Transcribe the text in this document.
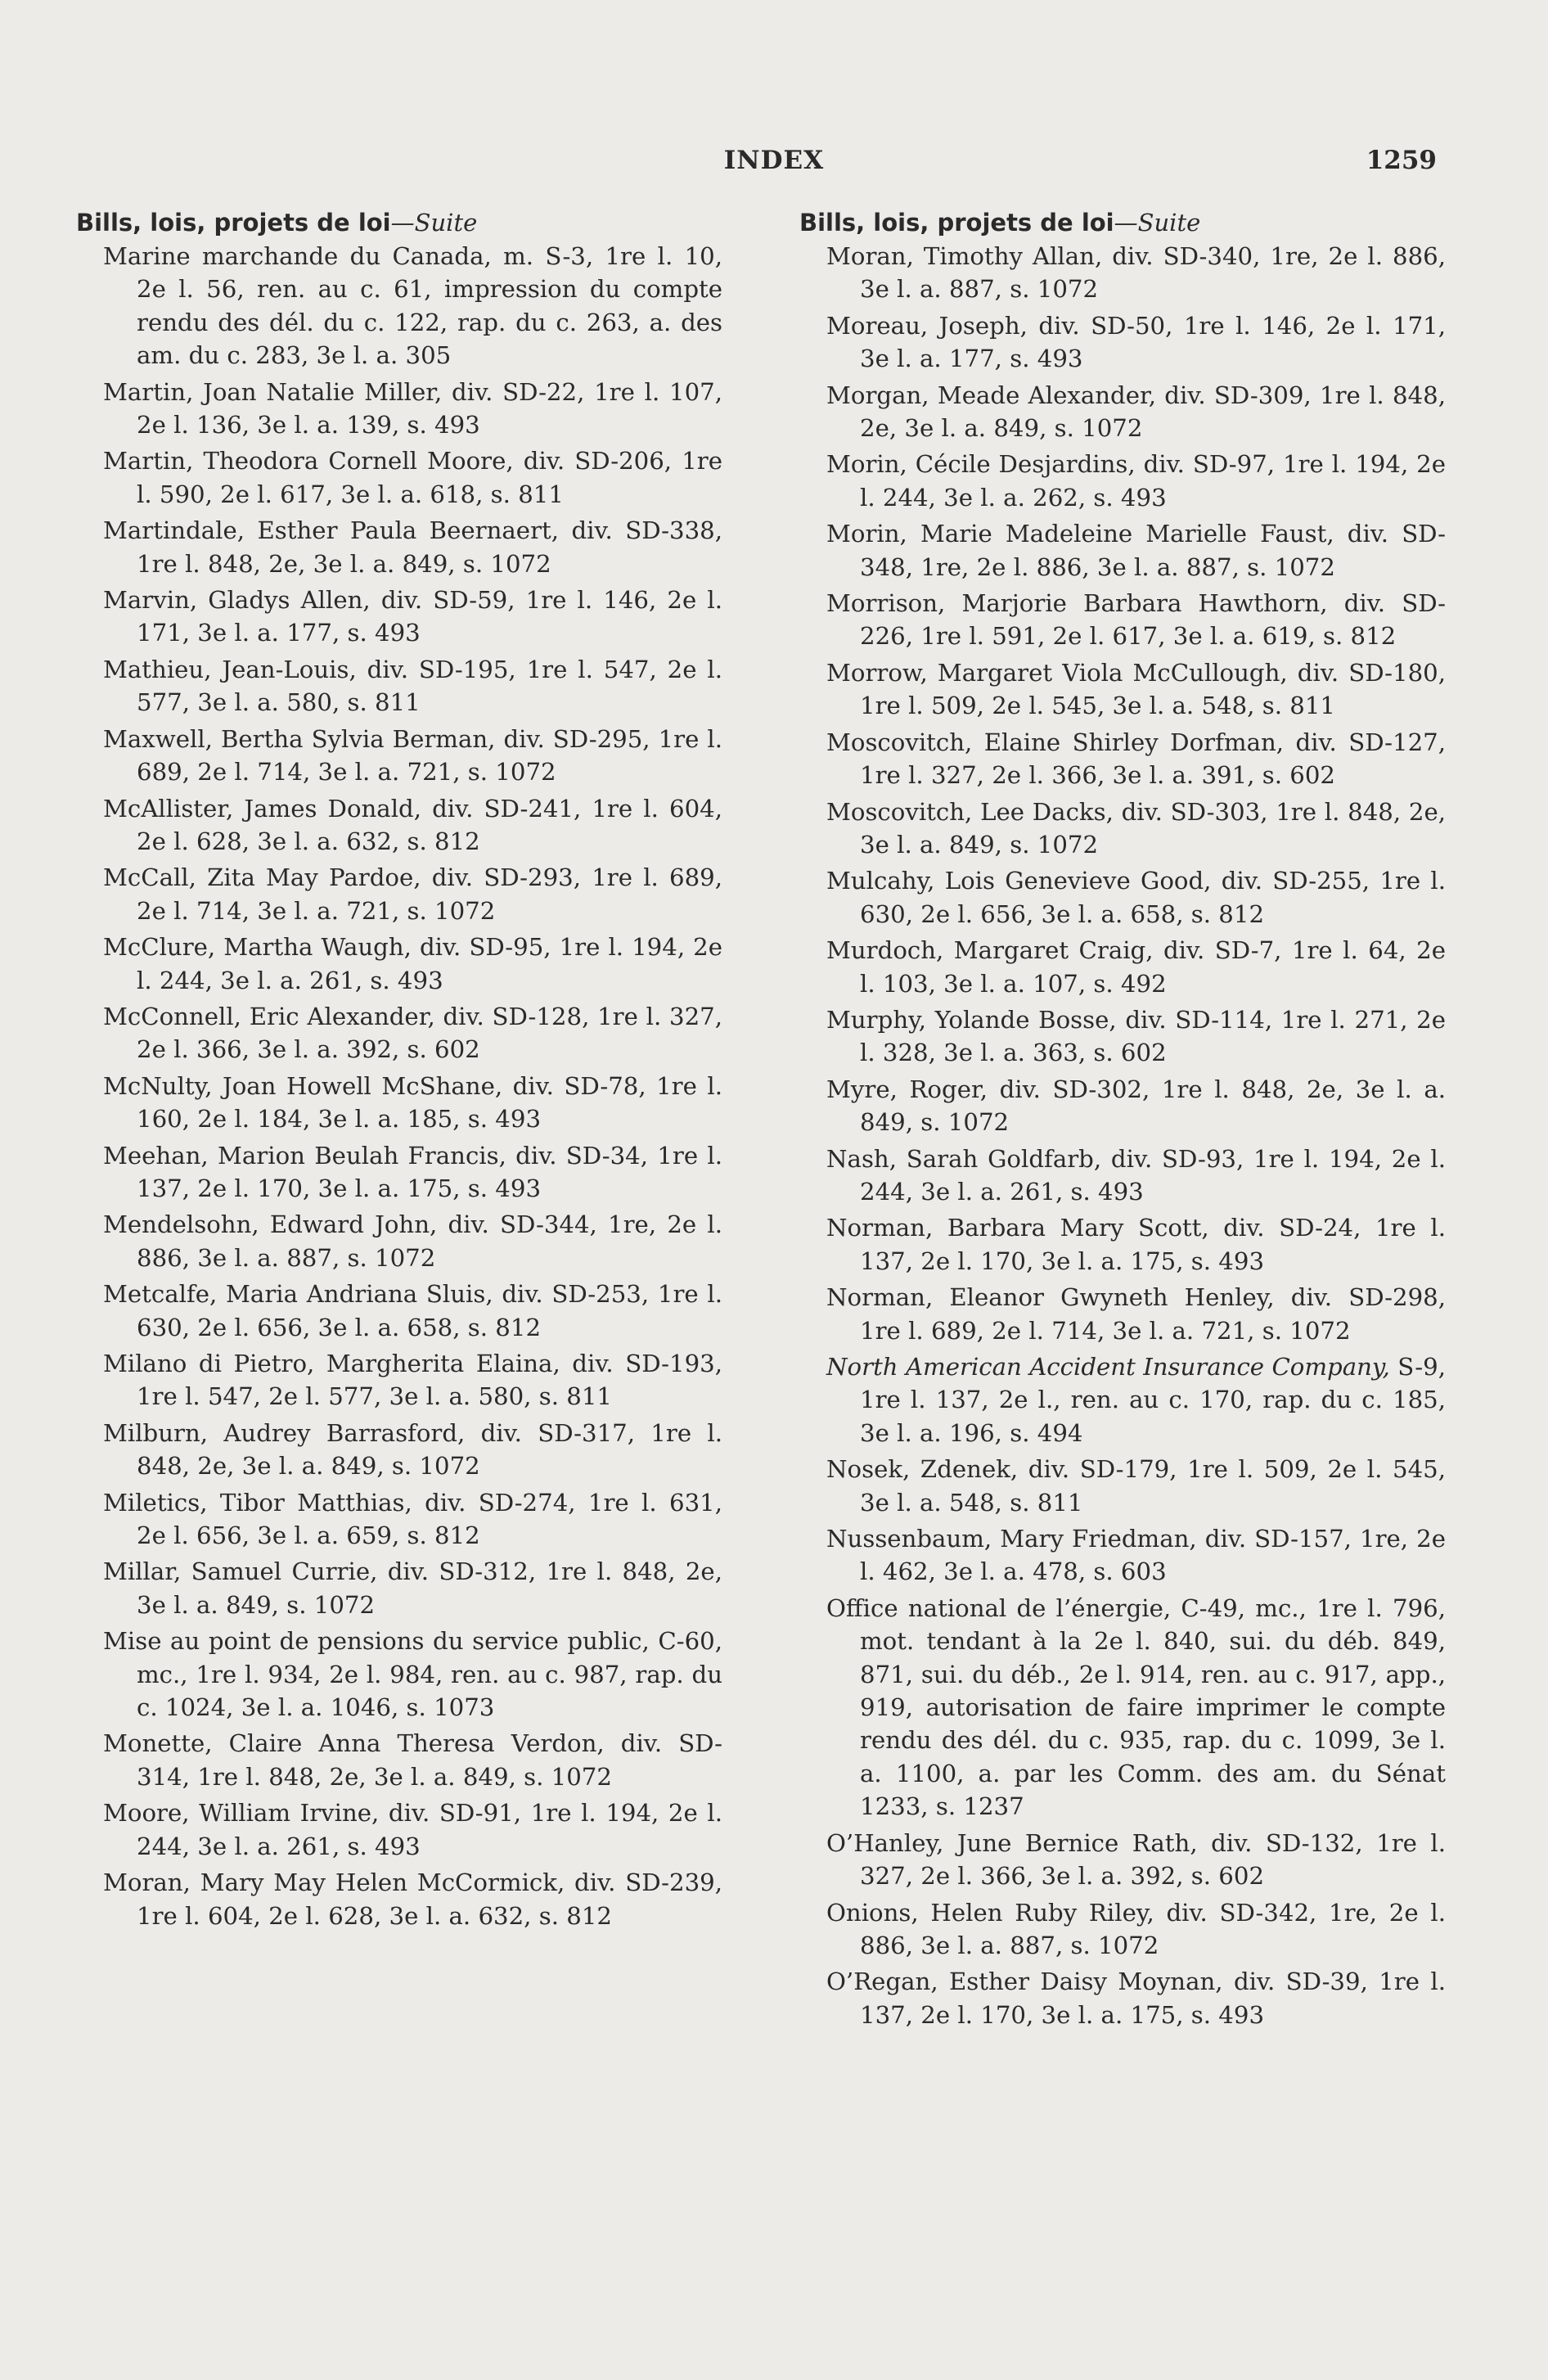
INDEX	1259
Bills, lois, projets de loi—Suite

Marine marchande du Canada, m. S-3, 1re l. 10, 2e l. 56, ren. au c. 61, impression du compte rendu des dél. du c. 122, rap. du c. 263, a. des am. du c. 283, 3e l. a. 305

Martin, Joan Natalie Miller, div. SD-22, 1re l. 107, 2e l. 136, 3e l. a. 139, s. 493

Martin, Theodora Cornell Moore, div. SD-206, 1re l. 590, 2e l. 617, 3e l. a. 618, s. 811

Martindale, Esther Paula Beernaert, div. SD-338, 1re l. 848, 2e, 3e l. a. 849, s. 1072

Marvin, Gladys Allen, div. SD-59, 1re l. 146, 2e l. 171, 3e l. a. 177, s. 493

Mathieu, Jean-Louis, div. SD-195, 1re l. 547, 2e l. 577, 3e l. a. 580, s. 811

Maxwell, Bertha Sylvia Berman, div. SD-295, 1re l. 689, 2e l. 714, 3e l. a. 721, s. 1072

McAllister, James Donald, div. SD-241, 1re l. 604, 2e l. 628, 3e l. a. 632, s. 812

McCall, Zita May Pardoe, div. SD-293, 1re l. 689, 2e l. 714, 3e l. a. 721, s. 1072

McClure, Martha Waugh, div. SD-95, 1re l. 194, 2e l. 244, 3e l. a. 261, s. 493

McConnell, Eric Alexander, div. SD-128, 1re l. 327, 2e l. 366, 3e l. a. 392, s. 602

McNulty, Joan Howell McShane, div. SD-78, 1re l. 160, 2e l. 184, 3e l. a. 185, s. 493

Meehan, Marion Beulah Francis, div. SD-34, 1re l. 137, 2e l. 170, 3e l. a. 175, s. 493

Mendelsohn, Edward John, div. SD-344, 1re, 2e l. 886, 3e l. a. 887, s. 1072

Metcalfe, Maria Andriana Sluis, div. SD-253, 1re l. 630, 2e l. 656, 3e l. a. 658, s. 812

Milano di Pietro, Margherita Elaina, div. SD-193, 1re l. 547, 2e l. 577, 3e l. a. 580, s. 811

Milburn, Audrey Barrasford, div. SD-317, 1re l. 848, 2e, 3e l. a. 849, s. 1072

Miletics, Tibor Matthias, div. SD-274, 1re l. 631, 2e l. 656, 3e l. a. 659, s. 812

Millar, Samuel Currie, div. SD-312, 1re l. 848, 2e, 3e l. a. 849, s. 1072

Mise au point de pensions du service public, C-60, mc., 1re l. 934, 2e l. 984, ren. au c. 987, rap. du c. 1024, 3e l. a. 1046, s. 1073

Monette, Claire Anna Theresa Verdon, div. SD-314, 1re l. 848, 2e, 3e l. a. 849, s. 1072

Moore, William Irvine, div. SD-91, 1re l. 194, 2e l. 244, 3e l. a. 261, s. 493

Moran, Mary May Helen McCormick, div. SD-239, 1re l. 604, 2e l. 628, 3e l. a. 632, s. 812

Bills, lois, projets de loi—Suite

Moran, Timothy Allan, div. SD-340, 1re, 2e l. 886, 3e l. a. 887, s. 1072

Moreau, Joseph, div. SD-50, 1re l. 146, 2e l. 171, 3e l. a. 177, s. 493

Morgan, Meade Alexander, div. SD-309, 1re l. 848, 2e, 3e l. a. 849, s. 1072

Morin, Cécile Desjardins, div. SD-97, 1re l. 194, 2e l. 244, 3e l. a. 262, s. 493

Morin, Marie Madeleine Marielle Faust, div. SD-348, 1re, 2e l. 886, 3e l. a. 887, s. 1072

Morrison, Marjorie Barbara Hawthorn, div. SD-226, 1re l. 591, 2e l. 617, 3e l. a. 619, s. 812

Morrow, Margaret Viola McCullough, div. SD-180, 1re l. 509, 2e l. 545, 3e l. a. 548, s. 811

Moscovitch, Elaine Shirley Dorfman, div. SD-127, 1re l. 327, 2e l. 366, 3e l. a. 391, s. 602

Moscovitch, Lee Dacks, div. SD-303, 1re l. 848, 2e, 3e l. a. 849, s. 1072

Mulcahy, Lois Genevieve Good, div. SD-255, 1re l. 630, 2e l. 656, 3e l. a. 658, s. 812

Murdoch, Margaret Craig, div. SD-7, 1re l. 64, 2e l. 103, 3e l. a. 107, s. 492

Murphy, Yolande Bosse, div. SD-114, 1re l. 271, 2e l. 328, 3e l. a. 363, s. 602

Myre, Roger, div. SD-302, 1re l. 848, 2e, 3e l. a. 849, s. 1072

Nash, Sarah Goldfarb, div. SD-93, 1re l. 194, 2e l. 244, 3e l. a. 261, s. 493

Norman, Barbara Mary Scott, div. SD-24, 1re l. 137, 2e l. 170, 3e l. a. 175, s. 493

Norman, Eleanor Gwyneth Henley, div. SD-298, 1re l. 689, 2e l. 714, 3e l. a. 721, s. 1072

North American Accident Insurance Company, S-9, 1re l. 137, 2e l., ren. au c. 170, rap. du c. 185, 3e l. a. 196, s. 494

Nosek, Zdenek, div. SD-179, 1re l. 509, 2e l. 545, 3e l. a. 548, s. 811

Nussenbaum, Mary Friedman, div. SD-157, 1re, 2e l. 462, 3e l. a. 478, s. 603

Office national de l’énergie, C-49, mc., 1re l. 796, mot. tendant à la 2e l. 840, sui. du déb. 849, 871, sui. du déb., 2e l. 914, ren. au c. 917, app., 919, autorisation de faire imprimer le compte rendu des dél. du c. 935, rap. du c. 1099, 3e l. a. 1100, a. par les Comm. des am. du Sénat 1233, s. 1237

O’Hanley, June Bernice Rath, div. SD-132, 1re l. 327, 2e l. 366, 3e l. a. 392, s. 602

Onions, Helen Ruby Riley, div. SD-342, 1re, 2e l. 886, 3e l. a. 887, s. 1072

O’Regan, Esther Daisy Moynan, div. SD-39, 1re l. 137, 2e l. 170, 3e l. a. 175, s. 493
